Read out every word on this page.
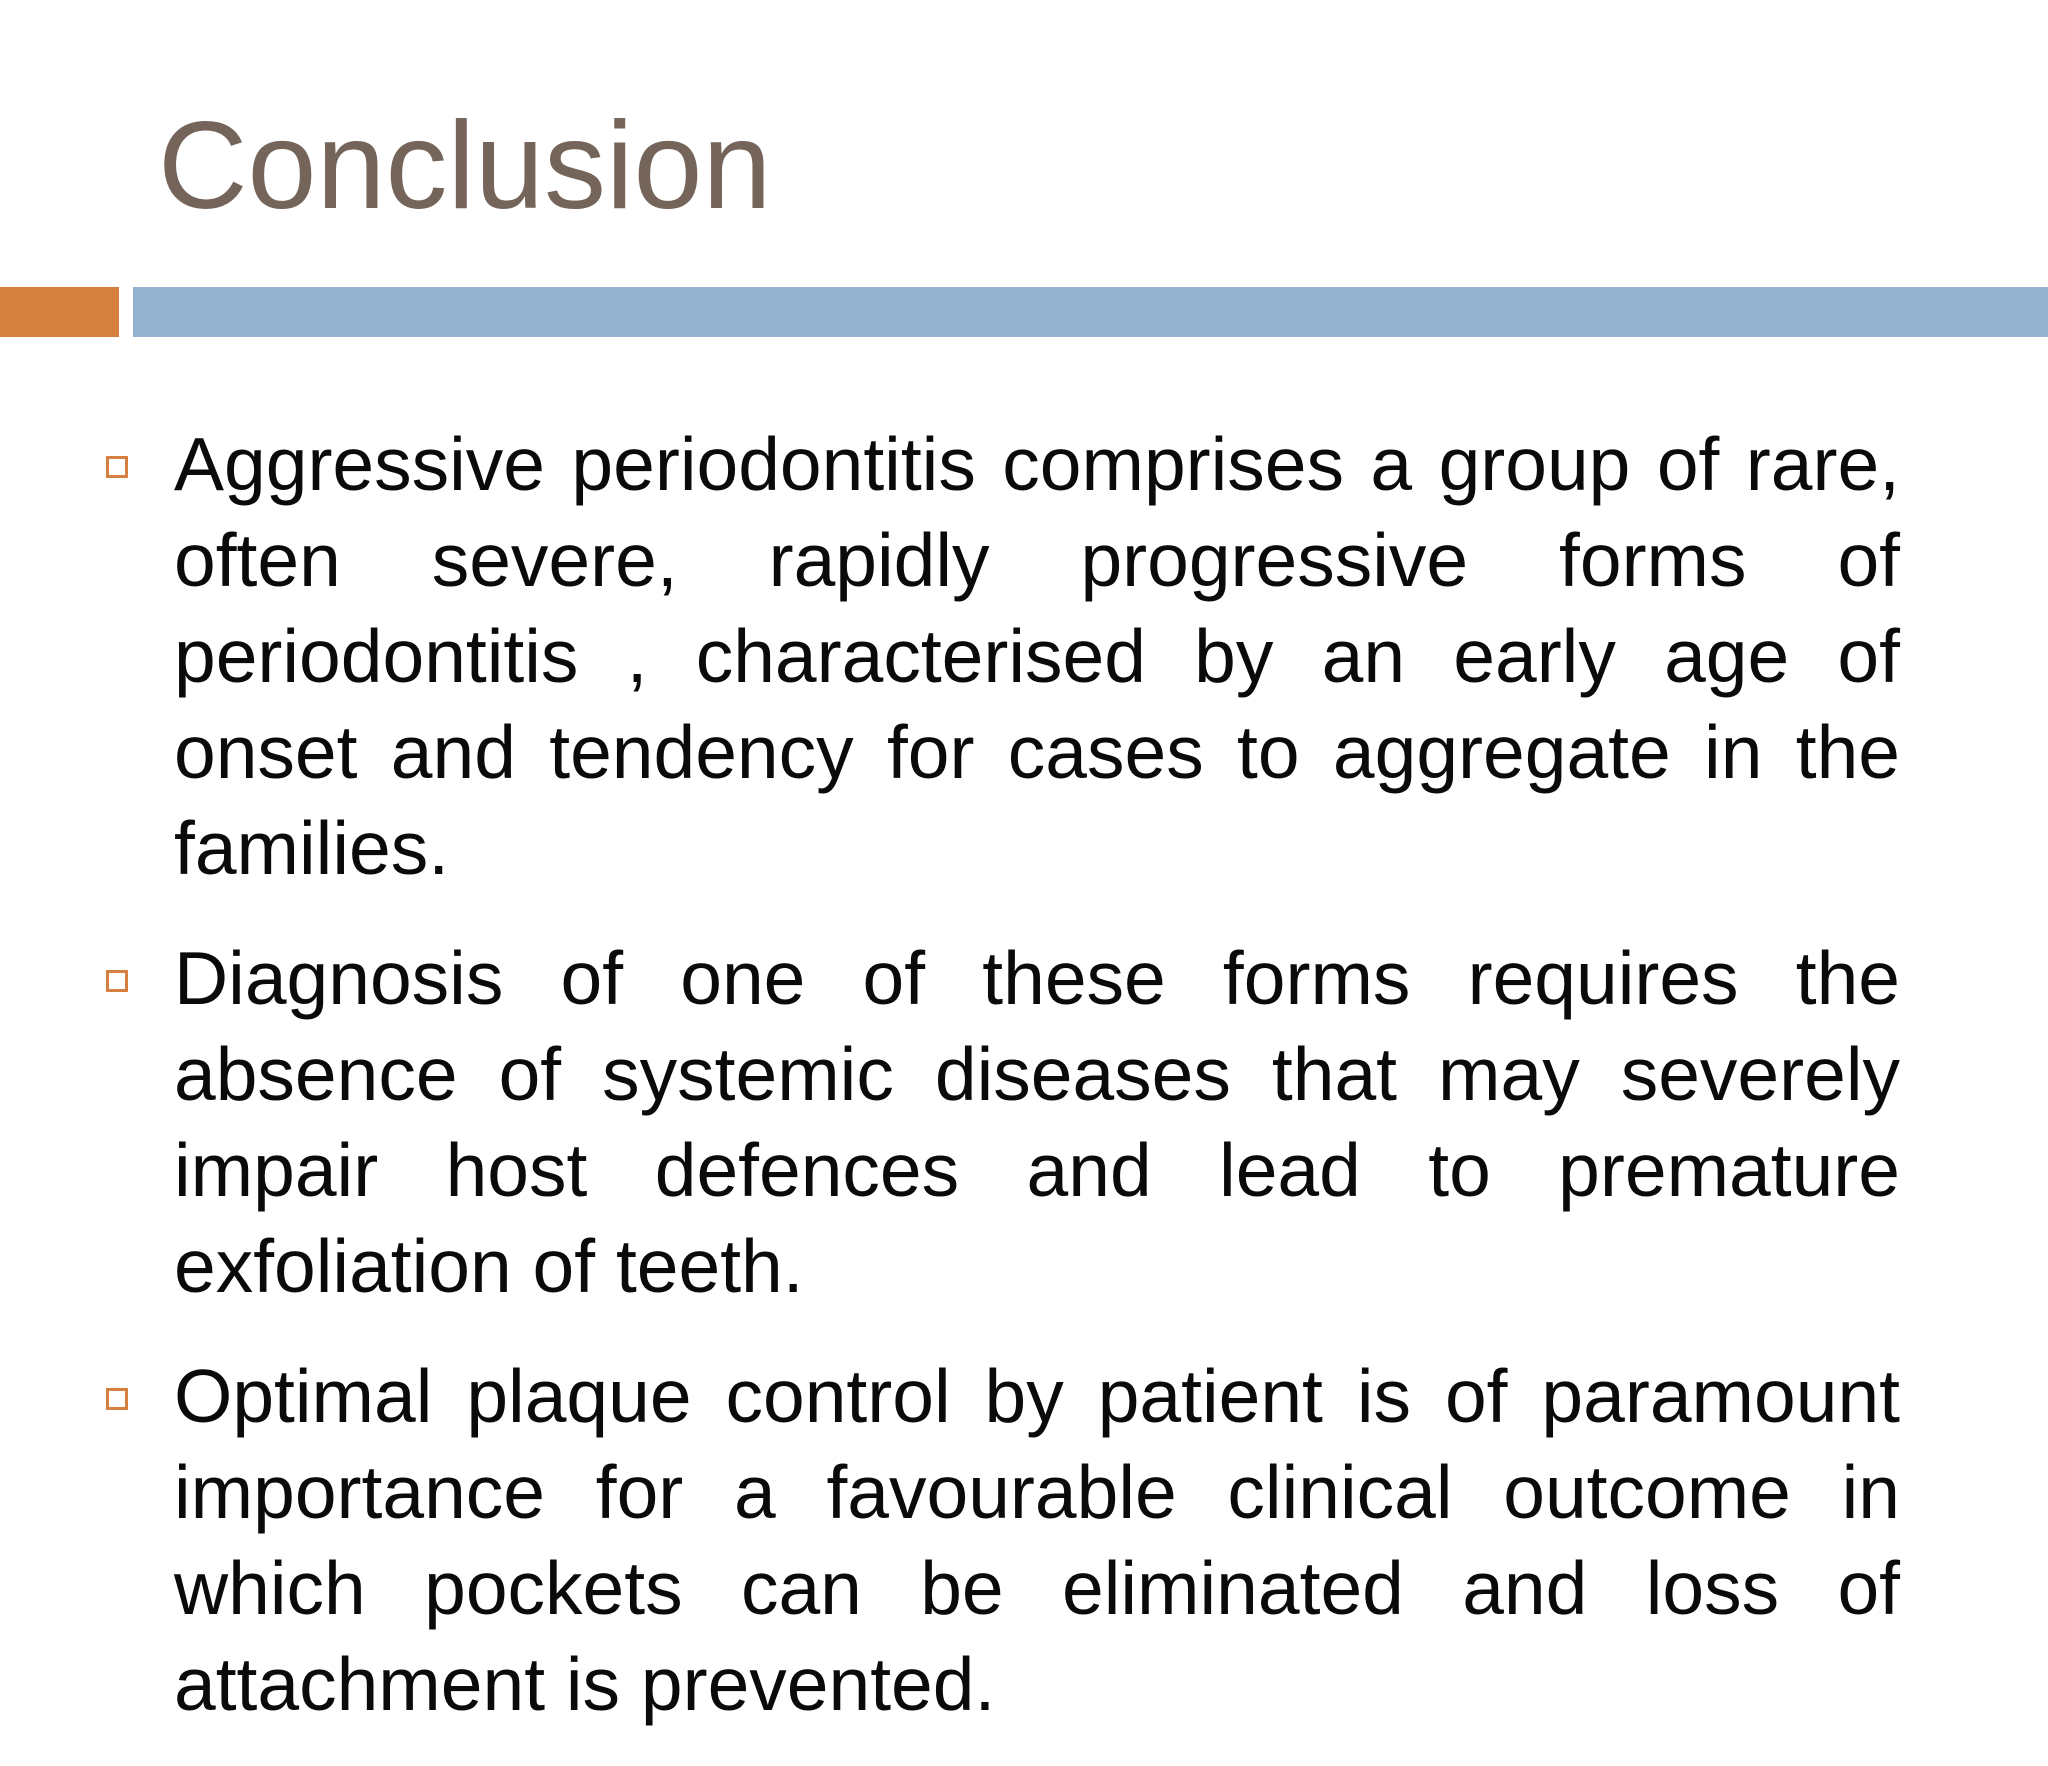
Conclusion

Aggressive periodontitis comprises a group of rare, often severe, rapidly progressive forms of periodontitis , characterised by an early age of onset and tendency for cases to aggregate in the families.

Diagnosis of one of these forms requires the absence of systemic diseases that may severely impair host defences and lead to premature exfoliation of teeth.

Optimal plaque control by patient is of paramount importance for a favourable clinical outcome in which pockets can be eliminated and loss of attachment is prevented.
